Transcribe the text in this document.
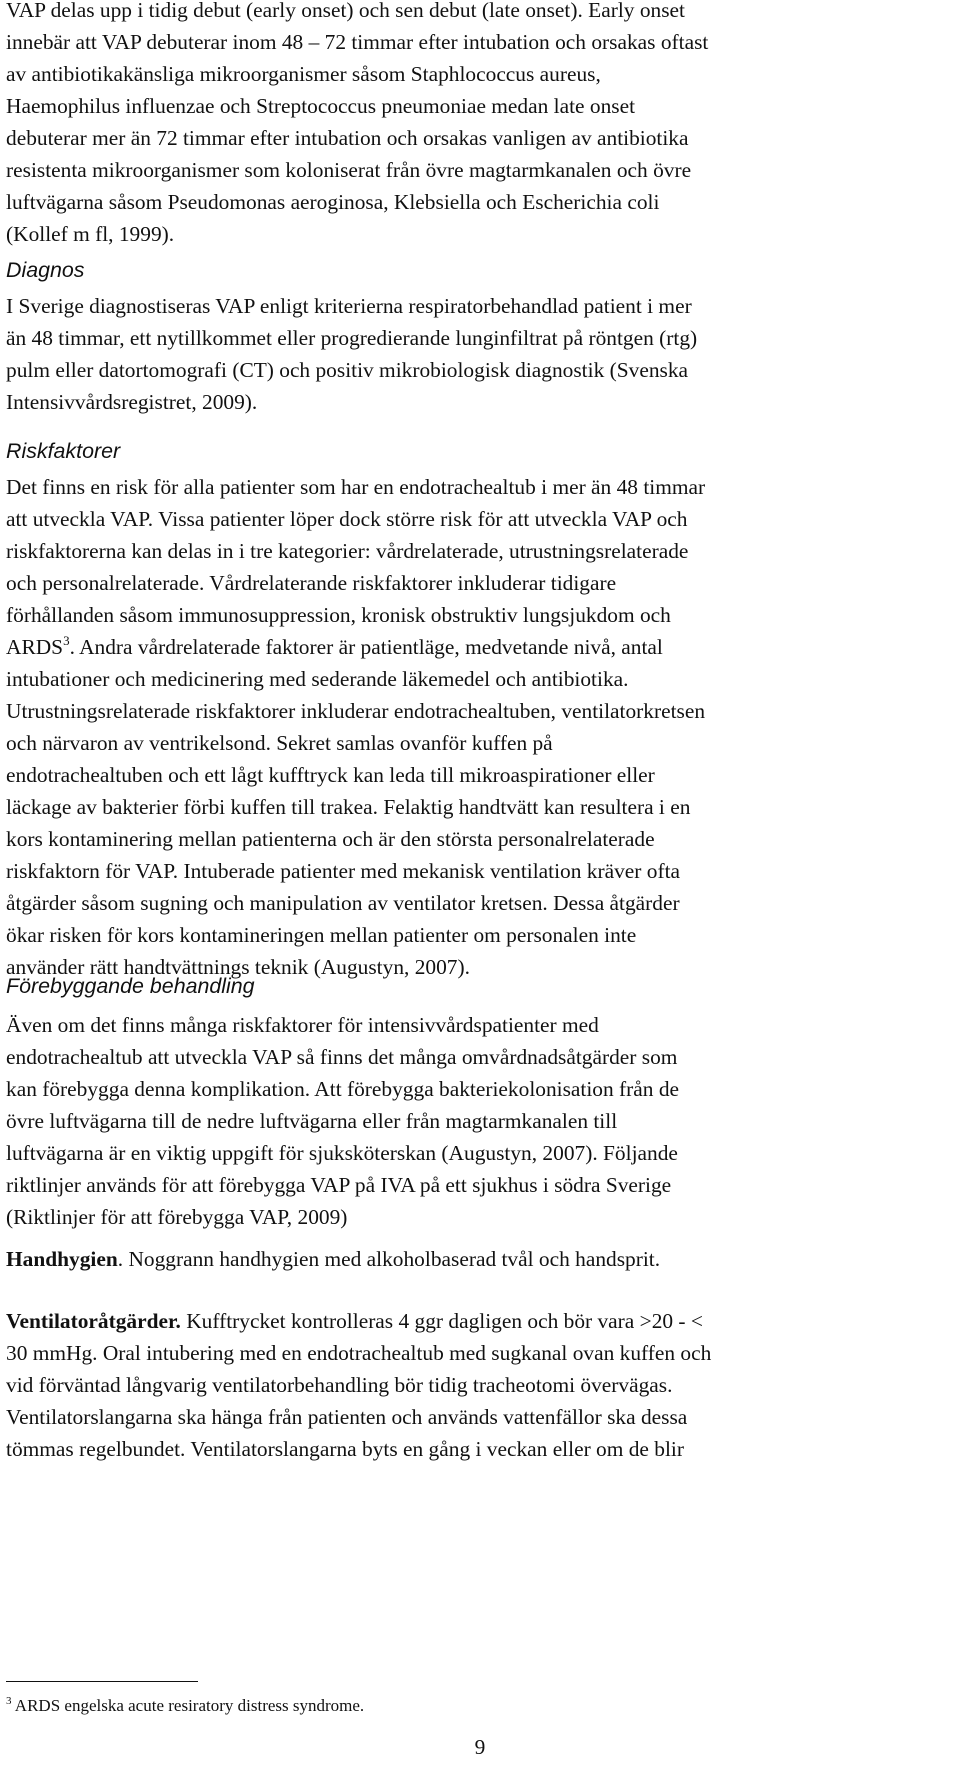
VAP delas upp i tidig debut (early onset) och sen debut (late onset). Early onset
innebär att VAP debuterar inom 48 – 72 timmar efter intubation och orsakas oftast
av antibiotikakänsliga mikroorganismer såsom Staphlococcus aureus,
Haemophilus influenzae och Streptococcus pneumoniae medan late onset
debuterar mer än 72 timmar efter intubation och orsakas vanligen av antibiotika
resistenta mikroorganismer som koloniserat från övre magtarmkanalen och övre
luftvägarna såsom Pseudomonas aeroginosa, Klebsiella och Escherichia coli
(Kollef m fl, 1999).

Diagnos

I Sverige diagnostiseras VAP enligt kriterierna respiratorbehandlad patient i mer
än 48 timmar, ett nytillkommet eller progredierande lunginfiltrat på röntgen (rtg)
pulm eller datortomografi (CT) och positiv mikrobiologisk diagnostik (Svenska
Intensivvårdsregistret, 2009).

Riskfaktorer

Det finns en risk för alla patienter som har en endotrachealtub i mer än 48 timmar
att utveckla VAP. Vissa patienter löper dock större risk för att utveckla VAP och
riskfaktorerna kan delas in i tre kategorier: vårdrelaterade, utrustningsrelaterade
och personalrelaterade. Vårdrelaterande riskfaktorer inkluderar tidigare
förhållanden såsom immunosuppression, kronisk obstruktiv lungsjukdom och
ARDS$^3$. Andra vårdrelaterade faktorer är patientläge, medvetande nivå, antal
intubationer och medicinering med sederande läkemedel och antibiotika.
Utrustningsrelaterade riskfaktorer inkluderar endotrachealtuben, ventilatorkretsen
och närvaron av ventrikelsond. Sekret samlas ovanför kuffen på
endotrachealtuben och ett lågt kufftryck kan leda till mikroaspirationer eller
läckage av bakterier förbi kuffen till trakea. Felaktig handtvätt kan resultera i en
kors kontaminering mellan patienterna och är den största personalrelaterade
riskfaktorn för VAP. Intuberade patienter med mekanisk ventilation kräver ofta
åtgärder såsom sugning och manipulation av ventilator kretsen. Dessa åtgärder
ökar risken för kors kontamineringen mellan patienter om personalen inte
använder rätt handtvättnings teknik (Augustyn, 2007).

Förebyggande behandling

Även om det finns många riskfaktorer för intensivvårdspatienter med
endotrachealtub att utveckla VAP så finns det många omvårdnadsåtgärder som
kan förebygga denna komplikation. Att förebygga bakteriekolonisation från de
övre luftvägarna till de nedre luftvägarna eller från magtarmkanalen till
luftvägarna är en viktig uppgift för sjuksköterskan (Augustyn, 2007). Följande
riktlinjer används för att förebygga VAP på IVA på ett sjukhus i södra Sverige
(Riktlinjer för att förebygga VAP, 2009)

Handhygien. Noggrann handhygien med alkoholbaserad tvål och handsprit.

Ventilatoråtgärder. Kufftrycket kontrolleras 4 ggr dagligen och bör vara >20 - <
30 mmHg. Oral intubering med en endotrachealtub med sugkanal ovan kuffen och
vid förväntad långvarig ventilatorbehandling bör tidig tracheotomi övervägas.
Ventilatorslangarna ska hänga från patienten och används vattenfällor ska dessa
tömmas regelbundet. Ventilatorslangarna byts en gång i veckan eller om de blir

$^3$ ARDS engelska acute resiratory distress syndrome.
9
